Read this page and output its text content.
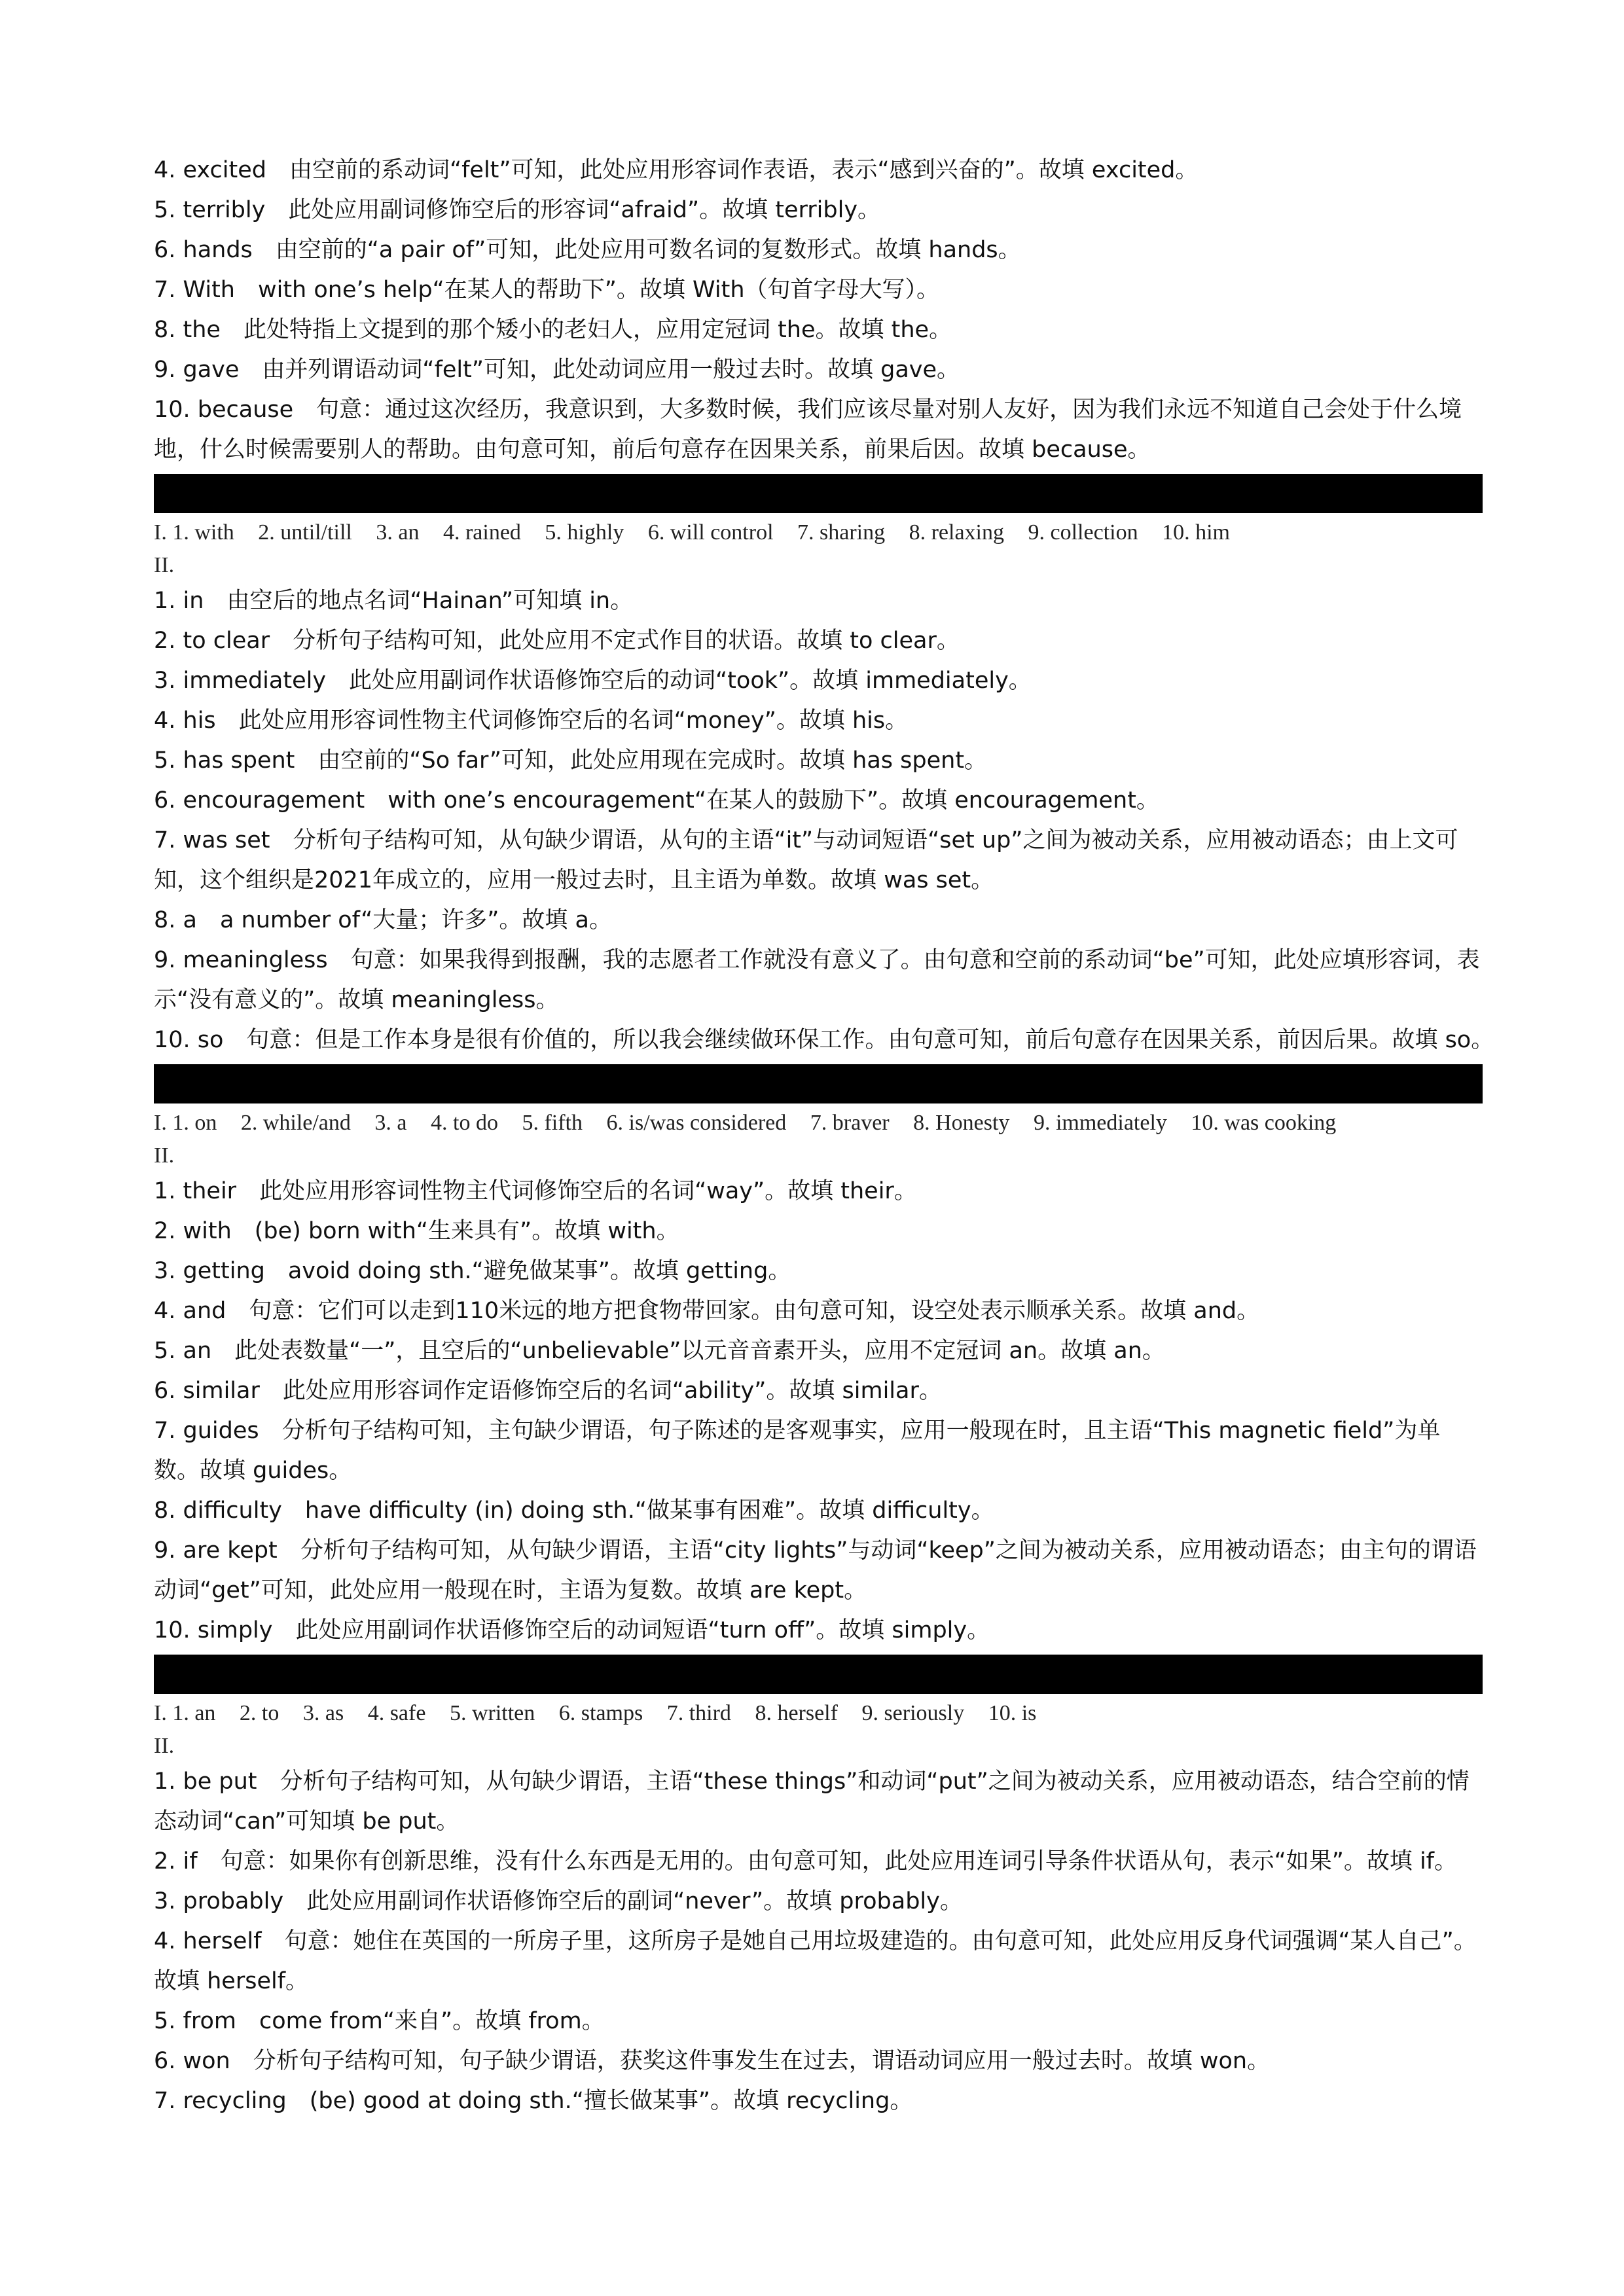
4. excited　由空前的系动词“felt”可知，此处应用形容词作表语，表示“感到兴奋的”。故填 excited。
5. terribly　此处应用副词修饰空后的形容词“afraid”。故填 terribly。
6. hands　由空前的“a pair of”可知，此处应用可数名词的复数形式。故填 hands。
7. With　with one’s help“在某人的帮助下”。故填 With（句首字母大写）。
8. the　此处特指上文提到的那个矮小的老妇人，应用定冠词 the。故填 the。
9. gave　由并列谓语动词“felt”可知，此处动词应用一般过去时。故填 gave。
10. because　句意：通过这次经历，我意识到，大多数时候，我们应该尽量对别人友好，因为我们永远不知道自己会处于什么境地，什么时候需要别人的帮助。由句意可知，前后句意存在因果关系，前果后因。故填 because。
I. 1. with 2. until/till 3. an 4. rained 5. highly 6. will control 7. sharing 8. relaxing 9. collection 10. him
II.
1. in　由空后的地点名词“Hainan”可知填 in。
2. to clear　分析句子结构可知，此处应用不定式作目的状语。故填 to clear。
3. immediately　此处应用副词作状语修饰空后的动词“took”。故填 immediately。
4. his　此处应用形容词性物主代词修饰空后的名词“money”。故填 his。
5. has spent　由空前的“So far”可知，此处应用现在完成时。故填 has spent。
6. encouragement　with one’s encouragement“在某人的鼓励下”。故填 encouragement。
7. was set　分析句子结构可知，从句缺少谓语，从句的主语“it”与动词短语“set up”之间为被动关系，应用被动语态；由上文可知，这个组织是2021年成立的，应用一般过去时，且主语为单数。故填 was set。
8. a　a number of“大量；许多”。故填 a。
9. meaningless　句意：如果我得到报酬，我的志愿者工作就没有意义了。由句意和空前的系动词“be”可知，此处应填形容词，表示“没有意义的”。故填 meaningless。
10. so　句意：但是工作本身是很有价值的，所以我会继续做环保工作。由句意可知，前后句意存在因果关系，前因后果。故填 so。
I. 1. on 2. while/and 3. a 4. to do 5. fifth 6. is/was considered 7. braver 8. Honesty 9. immediately 10. was cooking
II.
1. their　此处应用形容词性物主代词修饰空后的名词“way”。故填 their。
2. with　(be) born with“生来具有”。故填 with。
3. getting　avoid doing sth.“避免做某事”。故填 getting。
4. and　句意：它们可以走到110米远的地方把食物带回家。由句意可知，设空处表示顺承关系。故填 and。
5. an　此处表数量“一”，且空后的“unbelievable”以元音音素开头，应用不定冠词 an。故填 an。
6. similar　此处应用形容词作定语修饰空后的名词“ability”。故填 similar。
7. guides　分析句子结构可知，主句缺少谓语，句子陈述的是客观事实，应用一般现在时，且主语“This magnetic field”为单数。故填 guides。
8. difficulty　have difficulty (in) doing sth.“做某事有困难”。故填 difficulty。
9. are kept　分析句子结构可知，从句缺少谓语，主语“city lights”与动词“keep”之间为被动关系，应用被动语态；由主句的谓语动词“get”可知，此处应用一般现在时，主语为复数。故填 are kept。
10. simply　此处应用副词作状语修饰空后的动词短语“turn off”。故填 simply。
I. 1. an 2. to 3. as 4. safe 5. written 6. stamps 7. third 8. herself 9. seriously 10. is
II.
1. be put　分析句子结构可知，从句缺少谓语，主语“these things”和动词“put”之间为被动关系，应用被动语态，结合空前的情态动词“can”可知填 be put。
2. if　句意：如果你有创新思维，没有什么东西是无用的。由句意可知，此处应用连词引导条件状语从句，表示“如果”。故填 if。
3. probably　此处应用副词作状语修饰空后的副词“never”。故填 probably。
4. herself　句意：她住在英国的一所房子里，这所房子是她自己用垃圾建造的。由句意可知，此处应用反身代词强调“某人自己”。故填 herself。
5. from　come from“来自”。故填 from。
6. won　分析句子结构可知，句子缺少谓语，获奖这件事发生在过去，谓语动词应用一般过去时。故填 won。
7. recycling　(be) good at doing sth.“擅长做某事”。故填 recycling。
